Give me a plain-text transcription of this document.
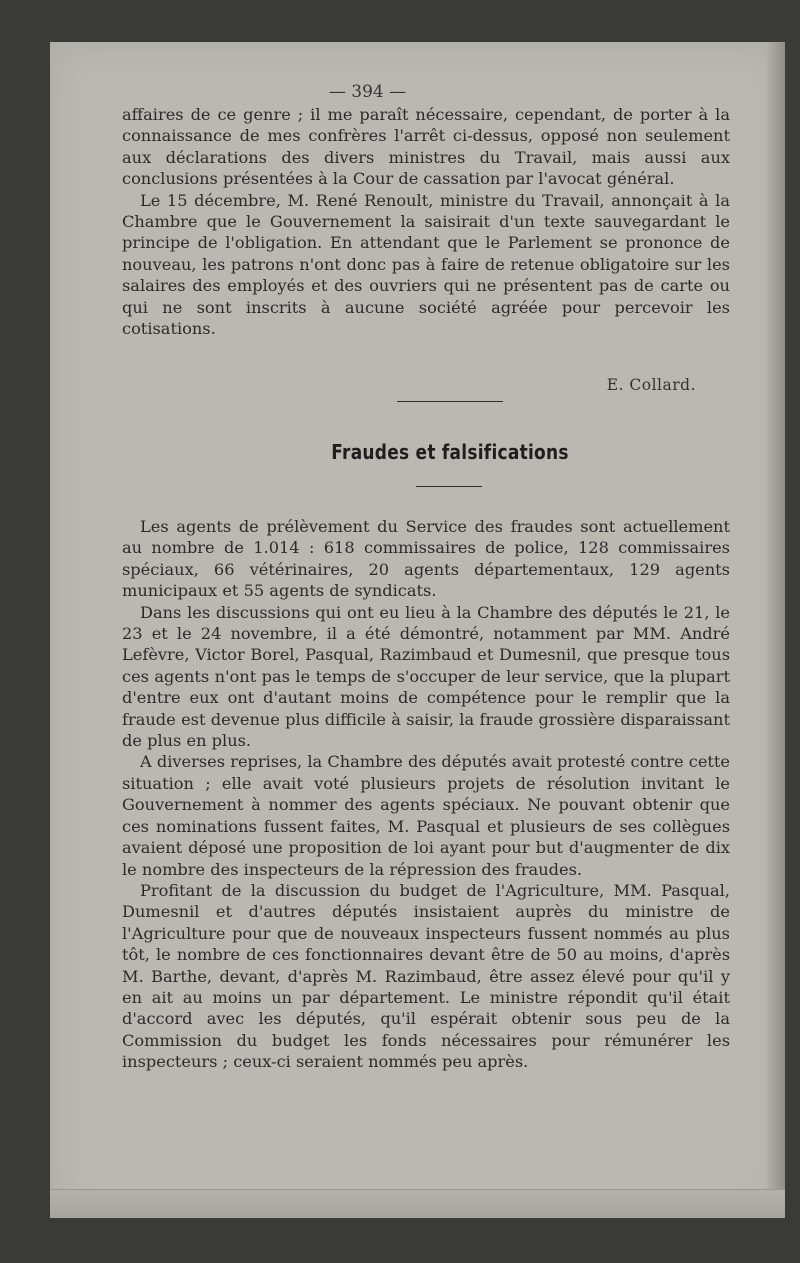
— 394 —

affaires de ce genre ; il me paraît nécessaire, cependant, de porter à la connaissance de mes confrères l'arrêt ci-dessus, opposé non seulement aux déclarations des divers ministres du Travail, mais aussi aux conclusions présentées à la Cour de cassation par l'avocat général.

Le 15 décembre, M. René Renoult, ministre du Travail, annonçait à la Chambre que le Gouvernement la saisirait d'un texte sauvegardant le principe de l'obligation. En attendant que le Parlement se prononce de nouveau, les patrons n'ont donc pas à faire de retenue obligatoire sur les salaires des employés et des ouvriers qui ne présentent pas de carte ou qui ne sont inscrits à aucune société agréée pour percevoir les cotisations.

E. Collard.
Fraudes et falsifications

Les agents de prélèvement du Service des fraudes sont actuellement au nombre de 1.014 : 618 commissaires de police, 128 commissaires spéciaux, 66 vétérinaires, 20 agents départementaux, 129 agents municipaux et 55 agents de syndicats.

Dans les discussions qui ont eu lieu à la Chambre des députés le 21, le 23 et le 24 novembre, il a été démontré, notamment par MM. André Lefèvre, Victor Borel, Pasqual, Razimbaud et Dumesnil, que presque tous ces agents n'ont pas le temps de s'occuper de leur service, que la plupart d'entre eux ont d'autant moins de compétence pour le remplir que la fraude est devenue plus difficile à saisir, la fraude grossière disparaissant de plus en plus.

A diverses reprises, la Chambre des députés avait protesté contre cette situation ; elle avait voté plusieurs projets de résolution invitant le Gouvernement à nommer des agents spéciaux. Ne pouvant obtenir que ces nominations fussent faites, M. Pasqual et plusieurs de ses collègues avaient déposé une proposition de loi ayant pour but d'augmenter de dix le nombre des inspecteurs de la répression des fraudes.

Profitant de la discussion du budget de l'Agriculture, MM. Pasqual, Dumesnil et d'autres députés insistaient auprès du ministre de l'Agriculture pour que de nouveaux inspecteurs fussent nommés au plus tôt, le nombre de ces fonctionnaires devant être de 50 au moins, d'après M. Barthe, devant, d'après M. Razimbaud, être assez élevé pour qu'il y en ait au moins un par département. Le ministre répondit qu'il était d'accord avec les députés, qu'il espérait obtenir sous peu de la Commission du budget les fonds nécessaires pour rémunérer les inspecteurs ; ceux-ci seraient nommés peu après.
